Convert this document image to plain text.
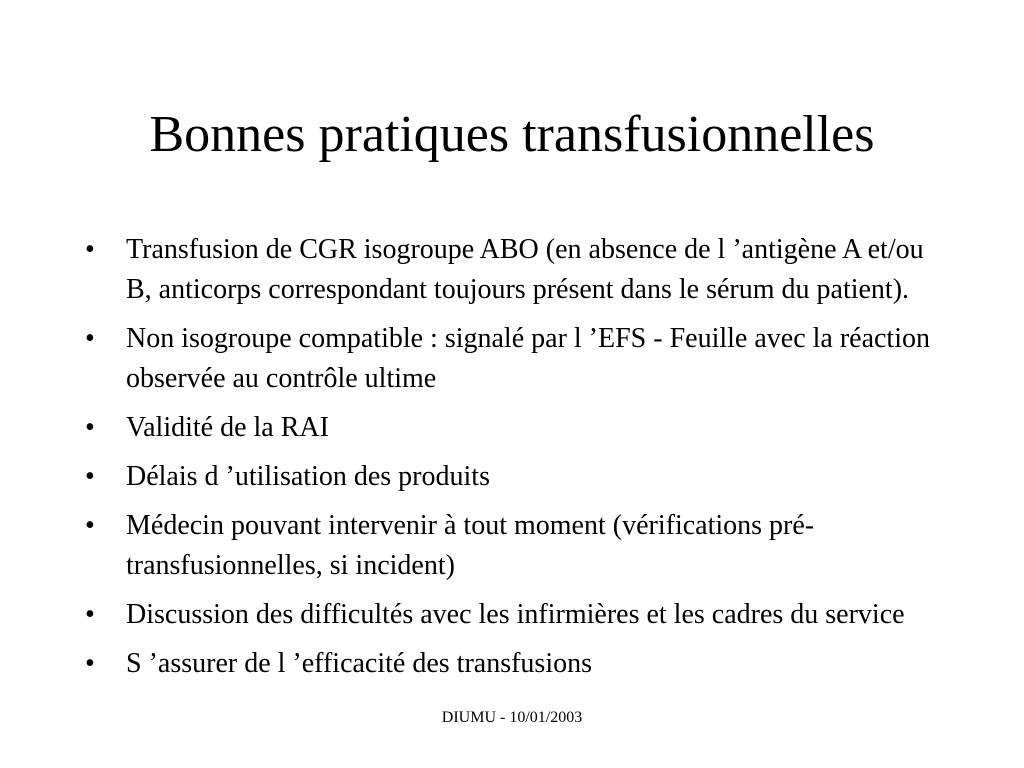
Bonnes pratiques transfusionnelles
•	Transfusion de CGR isogroupe ABO (en absence de l ’antigène A et/ou B, anticorps correspondant toujours présent dans le sérum du patient).
•	Non isogroupe compatible : signalé par l ’EFS - Feuille avec la réaction observée au contrôle ultime
•	Validité de la RAI
•	Délais d ’utilisation des produits
•	Médecin pouvant intervenir à tout moment (vérifications pré-transfusionnelles, si incident)
•	Discussion des difficultés avec les infirmières et les cadres du service
•	S ’assurer de l ’efficacité des transfusions
DIUMU - 10/01/2003
